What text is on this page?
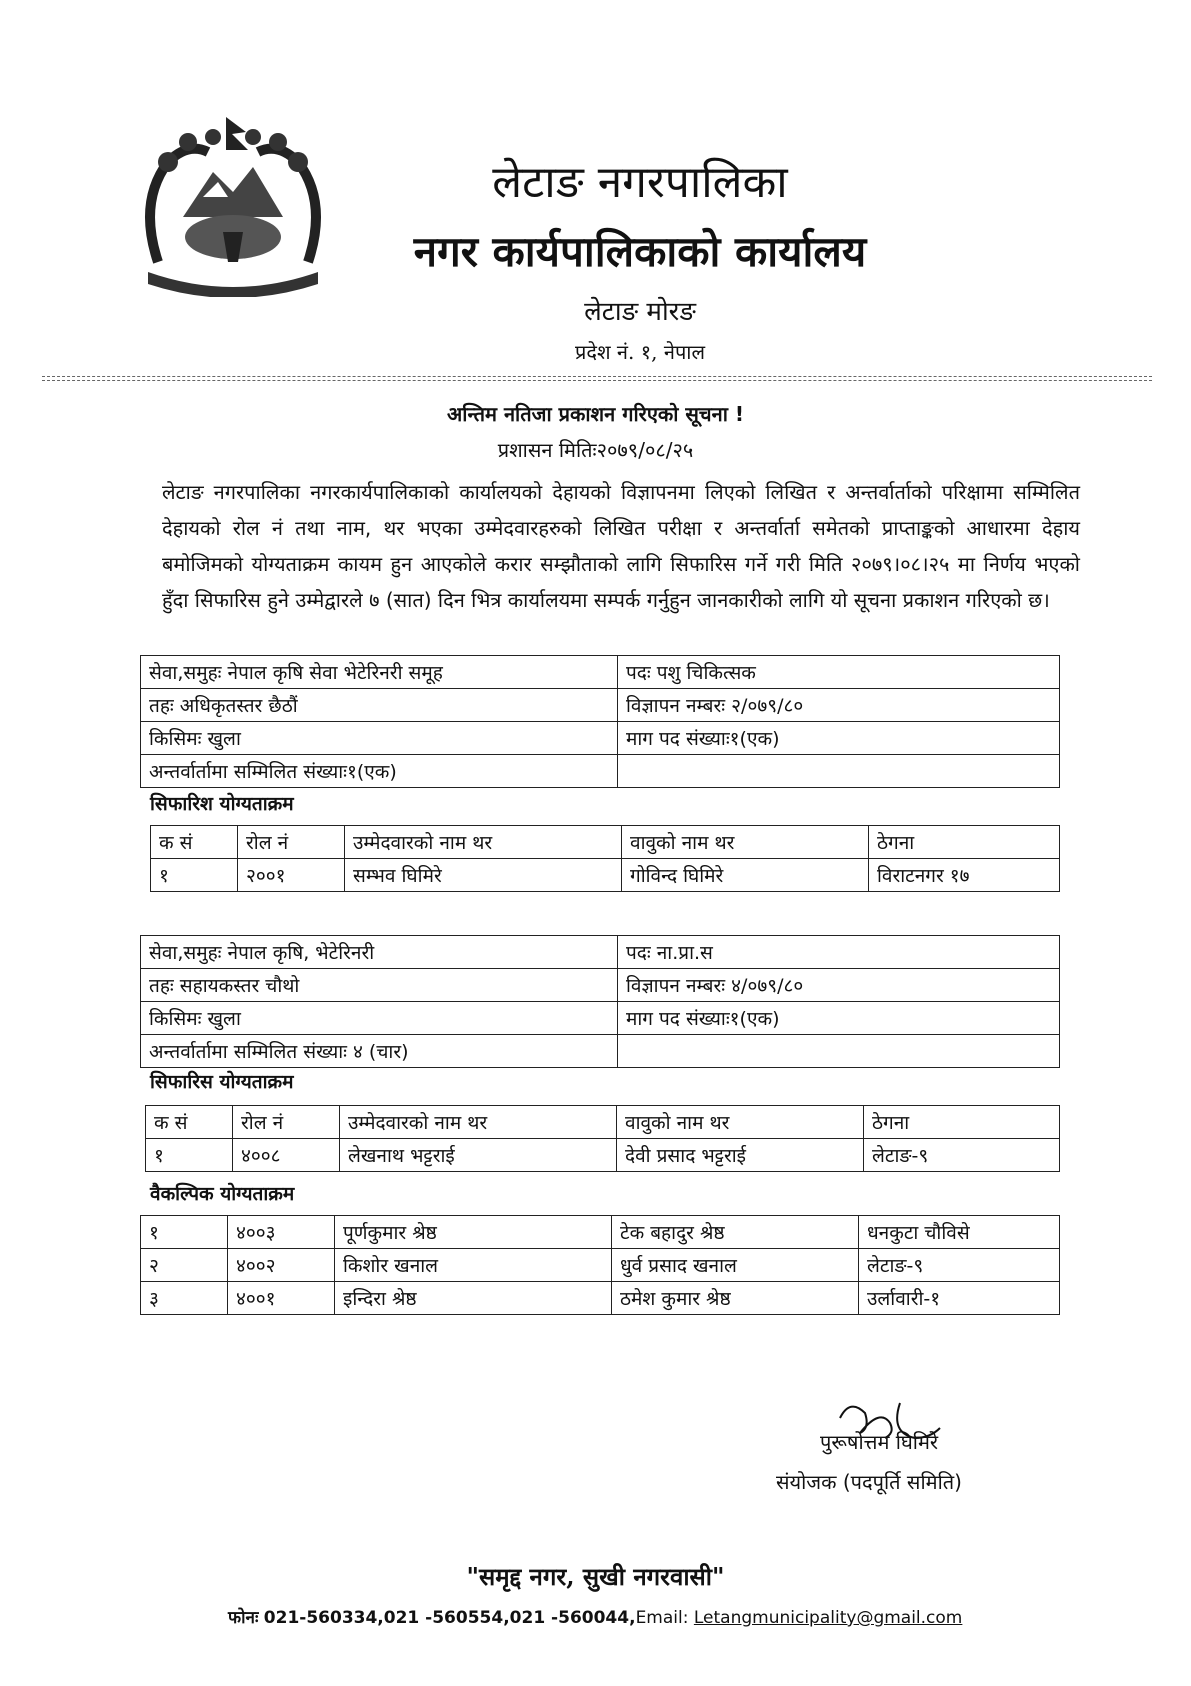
लेटाङ नगरपालिका
नगर कार्यपालिकाको कार्यालय
लेटाङ मोरङ
प्रदेश नं. १, नेपाल
अन्तिम नतिजा प्रकाशन गरिएको सूचना !
प्रशासन मितिः२०७९/०८/२५
लेटाङ नगरपालिका नगरकार्यपालिकाको कार्यालयको देहायको विज्ञापनमा लिएको लिखित र अन्तर्वार्ताको परिक्षामा सम्मिलित देहायको रोल नं तथा नाम, थर भएका उम्मेदवारहरुको लिखित परीक्षा र अन्तर्वार्ता समेतको प्राप्ताङ्कको आधारमा देहाय बमोजिमको योग्यताक्रम कायम हुन आएकोले करार सम्झौताको लागि सिफारिस गर्ने गरी मिति २०७९।०८।२५ मा निर्णय भएको हुँदा सिफारिस हुने उम्मेद्वारले ७ (सात) दिन भित्र कार्यालयमा सम्पर्क गर्नुहुन जानकारीको लागि यो सूचना प्रकाशन गरिएको छ।
सेवा,समुहः नेपाल कृषि सेवा भेटेरिनरी समूह	पदः पशु चिकित्सक
तहः अधिकृतस्तर छैठौं	विज्ञापन नम्बरः २/०७९/८०
किसिमः खुला	माग पद संख्याः१(एक)
अन्तर्वार्तामा सम्मिलित संख्याः१(एक)	
सिफारिश योग्यताक्रम
क सं	रोल नं	उम्मेदवारको नाम थर	वावुको नाम थर	ठेगना
१	२००१	सम्भव घिमिरे	गोविन्द घिमिरे	विराटनगर १७
सेवा,समुहः नेपाल कृषि, भेटेरिनरी	पदः ना.प्रा.स
तहः सहायकस्तर चौथो	विज्ञापन नम्बरः ४/०७९/८०
किसिमः खुला	माग पद संख्याः१(एक)
अन्तर्वार्तामा सम्मिलित संख्याः ४ (चार)	
सिफारिस योग्यताक्रम
क सं	रोल नं	उम्मेदवारको नाम थर	वावुको नाम थर	ठेगना
१	४००८	लेखनाथ भट्टराई	देवी प्रसाद भट्टराई	लेटाङ-९
वैकल्पिक योग्यताक्रम
१	४००३	पूर्णकुमार श्रेष्ठ	टेक बहादुर श्रेष्ठ	धनकुटा चौविसे
२	४००२	किशोर खनाल	धुर्व प्रसाद खनाल	लेटाङ-९
३	४००१	इन्दिरा श्रेष्ठ	ठमेश कुमार श्रेष्ठ	उर्लावारी-१
पुरूषोत्तम घिमिरे
संयोजक (पदपूर्ति समिति)
"समृद्द नगर, सुखी नगरवासी"
फोनः 021-560334,021 -560554,021 -560044,Email: Letangmunicipality@gmail.com
